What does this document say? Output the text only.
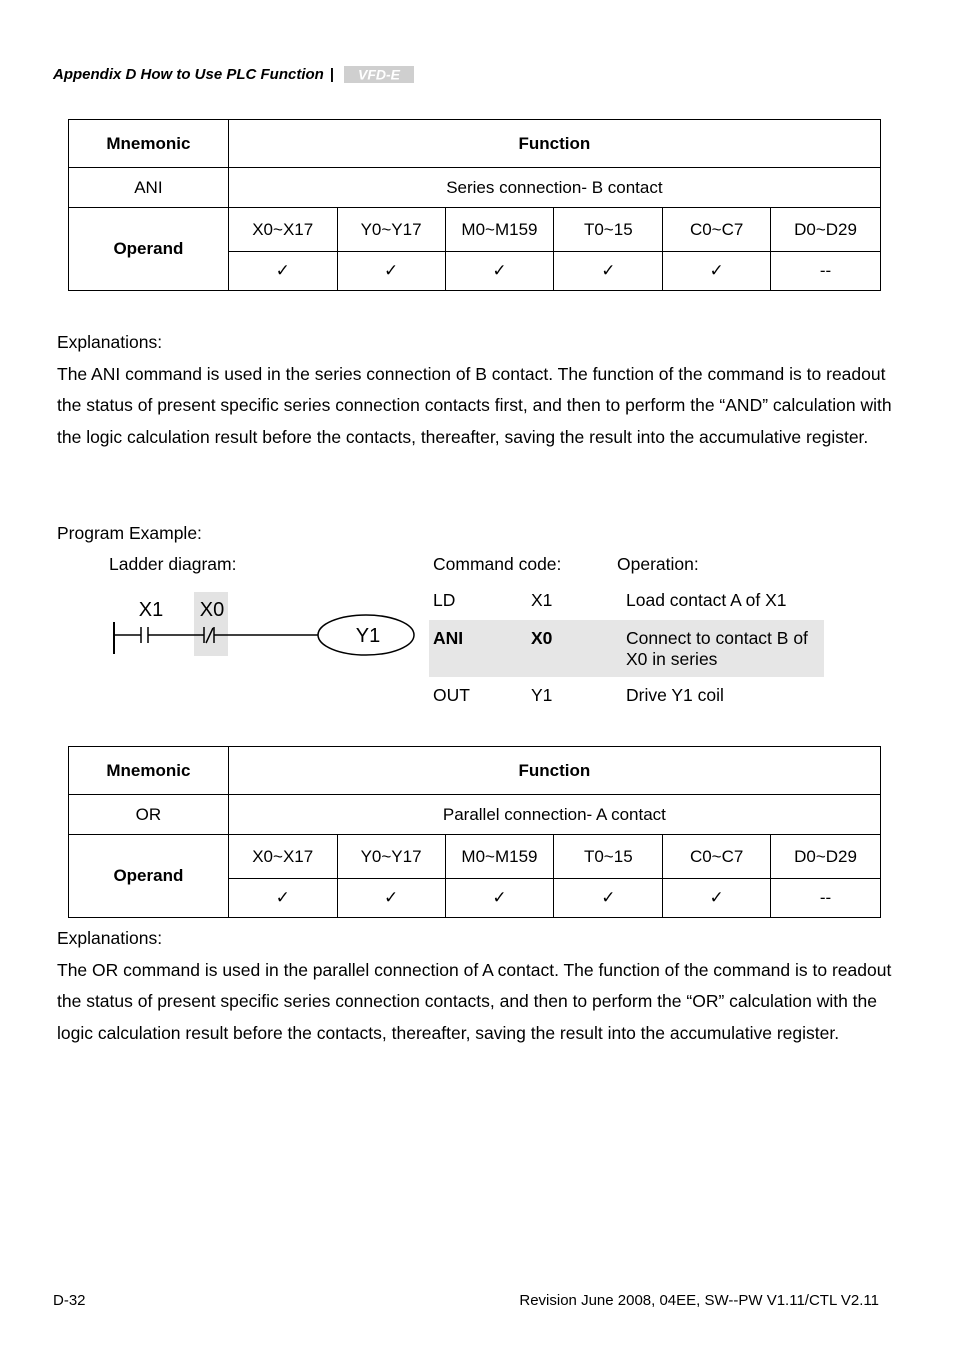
Appendix D How to Use PLC Function | VFD-E
Mnemonic	Function					
ANI	Series connection- B contact					
Operand	X0~X17	Y0~Y17	M0~M159	T0~15	C0~C7	D0~D29
	✓	✓	✓	✓	✓	--
Explanations:
The ANI command is used in the series connection of B contact. The function of the command is to readout the status of present specific series connection contacts first, and then to perform the “AND” calculation with the logic calculation result before the contacts, thereafter, saving the result into the accumulative register.
Program Example:
Ladder diagram:	Command code:	Operation:
X1 X0
Y1
LD	X1	Load contact A of X1
ANI	X0	Connect to contact B of X0 in series
OUT	Y1	Drive Y1 coil
Mnemonic	Function					
OR	Parallel connection- A contact					
Operand	X0~X17	Y0~Y17	M0~M159	T0~15	C0~C7	D0~D29
	✓	✓	✓	✓	✓	--
Explanations:
The OR command is used in the parallel connection of A contact. The function of the command is to readout the status of present specific series connection contacts, and then to perform the “OR” calculation with the logic calculation result before the contacts, thereafter, saving the result into the accumulative register.
D-32	Revision June 2008, 04EE, SW--PW V1.11/CTL V2.11
